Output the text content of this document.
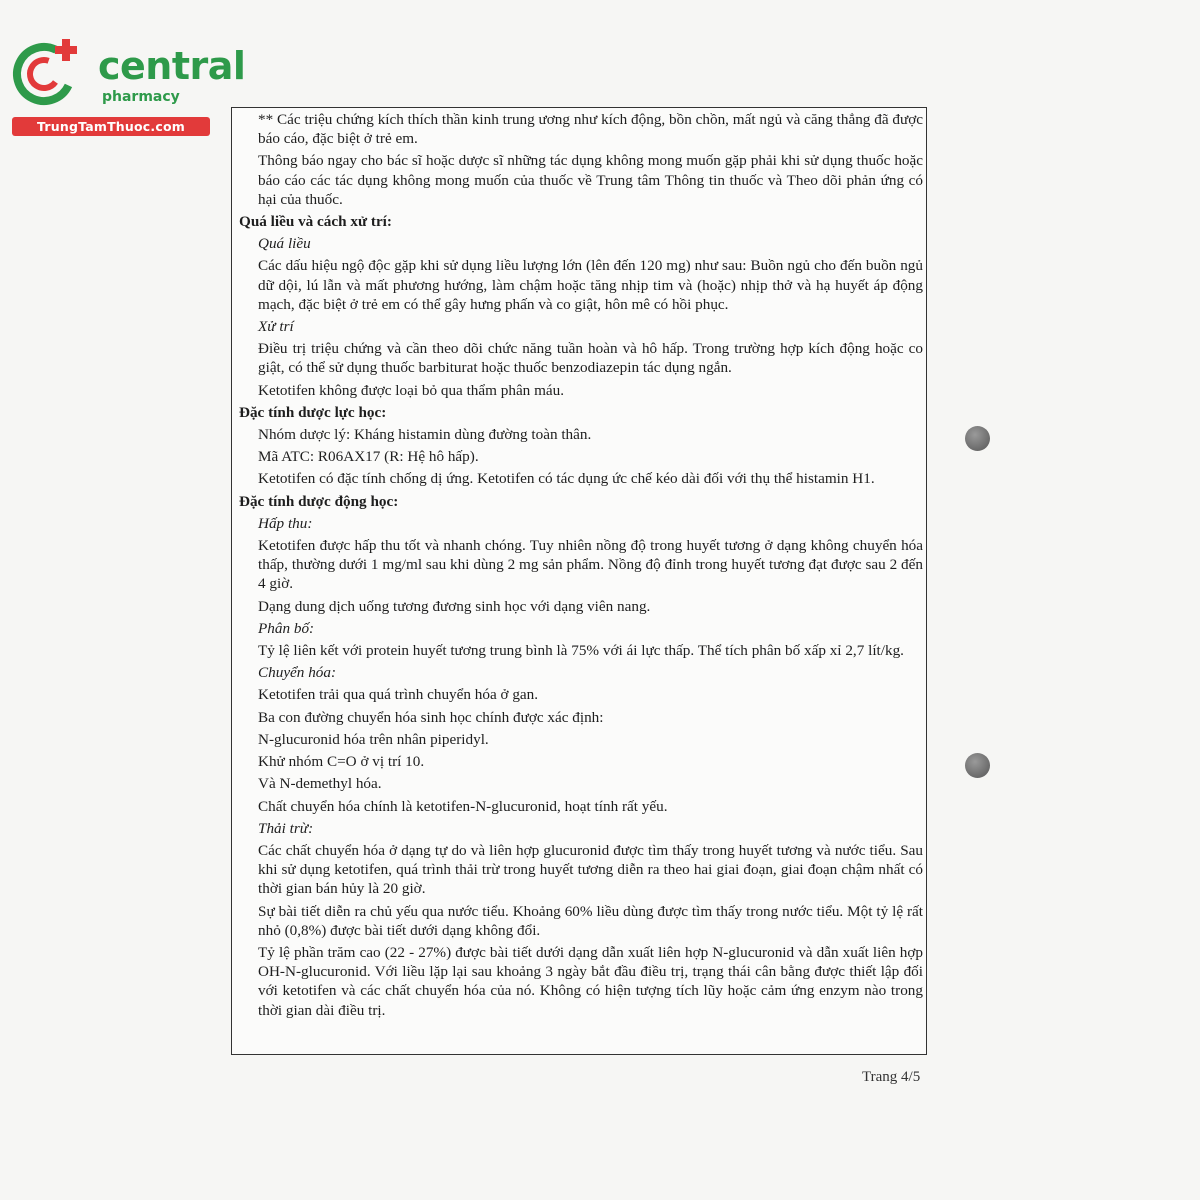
central
pharmacy
TrungTamThuoc.com	** Các triệu chứng kích thích thần kinh trung ương như kích động, bồn chồn, mất ngủ và căng thẳng đã được báo cáo, đặc biệt ở trẻ em.

Thông báo ngay cho bác sĩ hoặc dược sĩ những tác dụng không mong muốn gặp phải khi sử dụng thuốc hoặc báo cáo các tác dụng không mong muốn của thuốc về Trung tâm Thông tin thuốc và Theo dõi phản ứng có hại của thuốc.

Quá liều và cách xử trí:

Quá liều

Các dấu hiệu ngộ độc gặp khi sử dụng liều lượng lớn (lên đến 120 mg) như sau: Buồn ngủ cho đến buồn ngủ dữ dội, lú lẫn và mất phương hướng, làm chậm hoặc tăng nhịp tim và (hoặc) nhịp thở và hạ huyết áp động mạch, đặc biệt ở trẻ em có thể gây hưng phấn và co giật, hôn mê có hồi phục.

Xử trí

Điều trị triệu chứng và cần theo dõi chức năng tuần hoàn và hô hấp. Trong trường hợp kích động hoặc co giật, có thể sử dụng thuốc barbiturat hoặc thuốc benzodiazepin tác dụng ngắn.

Ketotifen không được loại bỏ qua thẩm phân máu.

Đặc tính dược lực học:

Nhóm dược lý: Kháng histamin dùng đường toàn thân.

Mã ATC: R06AX17 (R: Hệ hô hấp).

Ketotifen có đặc tính chống dị ứng. Ketotifen có tác dụng ức chế kéo dài đối với thụ thể histamin H1.

Đặc tính dược động học:

Hấp thu:

Ketotifen được hấp thu tốt và nhanh chóng. Tuy nhiên nồng độ trong huyết tương ở dạng không chuyển hóa thấp, thường dưới 1 mg/ml sau khi dùng 2 mg sản phẩm. Nồng độ đỉnh trong huyết tương đạt được sau 2 đến 4 giờ.

Dạng dung dịch uống tương đương sinh học với dạng viên nang.

Phân bố:

Tỷ lệ liên kết với protein huyết tương trung bình là 75% với ái lực thấp. Thể tích phân bố xấp xỉ 2,7 lít/kg.

Chuyển hóa:

Ketotifen trải qua quá trình chuyển hóa ở gan.

Ba con đường chuyển hóa sinh học chính được xác định:

N-glucuronid hóa trên nhân piperidyl.

Khử nhóm C=O ở vị trí 10.

Và N-demethyl hóa.

Chất chuyển hóa chính là ketotifen-N-glucuronid, hoạt tính rất yếu.

Thải trừ:

Các chất chuyển hóa ở dạng tự do và liên hợp glucuronid được tìm thấy trong huyết tương và nước tiểu. Sau khi sử dụng ketotifen, quá trình thải trừ trong huyết tương diễn ra theo hai giai đoạn, giai đoạn chậm nhất có thời gian bán hủy là 20 giờ.

Sự bài tiết diễn ra chủ yếu qua nước tiểu. Khoảng 60% liều dùng được tìm thấy trong nước tiểu. Một tỷ lệ rất nhỏ (0,8%) được bài tiết dưới dạng không đổi.

Tỷ lệ phần trăm cao (22 - 27%) được bài tiết dưới dạng dẫn xuất liên hợp N-glucuronid và dẫn xuất liên hợp OH-N-glucuronid. Với liều lặp lại sau khoảng 3 ngày bắt đầu điều trị, trạng thái cân bằng được thiết lập đối với ketotifen và các chất chuyển hóa của nó. Không có hiện tượng tích lũy hoặc cảm ứng enzym nào trong thời gian dài điều trị.

Trang 4/5
